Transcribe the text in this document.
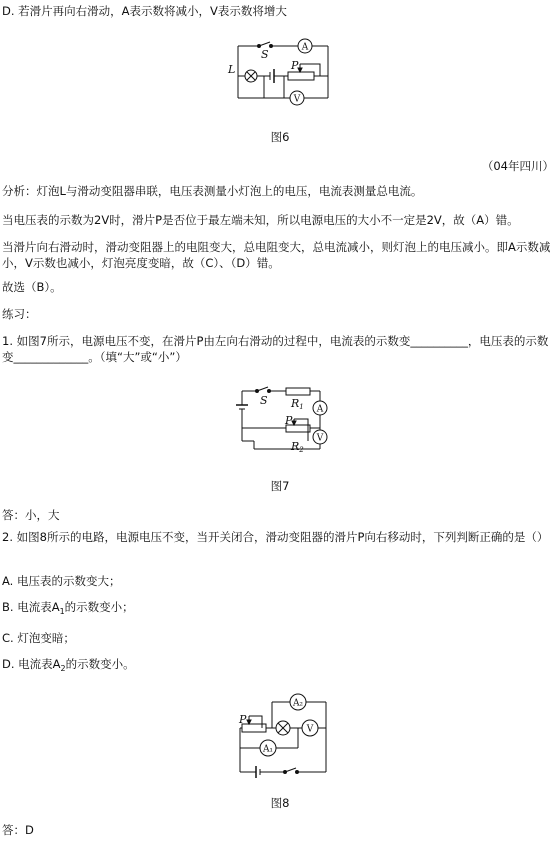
D. 若滑片再向右滑动，A表示数将减小，V表示数将增大
A
S
L	P
V
图6
（04年四川）
分析：灯泡L与滑动变阻器串联，电压表测量小灯泡上的电压，电流表测量总电流。
当电压表的示数为2V时，滑片P是否位于最左端未知，所以电源电压的大小不一定是2V，故（A）错。
当滑片向右滑动时，滑动变阻器上的电阻变大，总电阻变大，总电流减小，则灯泡上的电压减小。即A示数减小，V示数也减小，灯泡亮度变暗，故（C）、（D）错。
故选（B）。
练习：
1. 如图7所示，电源电压不变，在滑片P由左向右滑动的过程中，电流表的示数变__________，电压表的示数变_____________。（填“大”或“小”）
S R1 A
P
V
R2
图7
答：小，大
2. 如图8所示的电路，电源电压不变，当开关闭合，滑动变阻器的滑片P向右移动时，下列判断正确的是（）
A. 电压表的示数变大；
B. 电流表$A_1$的示数变小；
C. 灯泡变暗；
D. 电流表$A_2$的示数变小。
A₂
P
V
A₁
图8
答：D
